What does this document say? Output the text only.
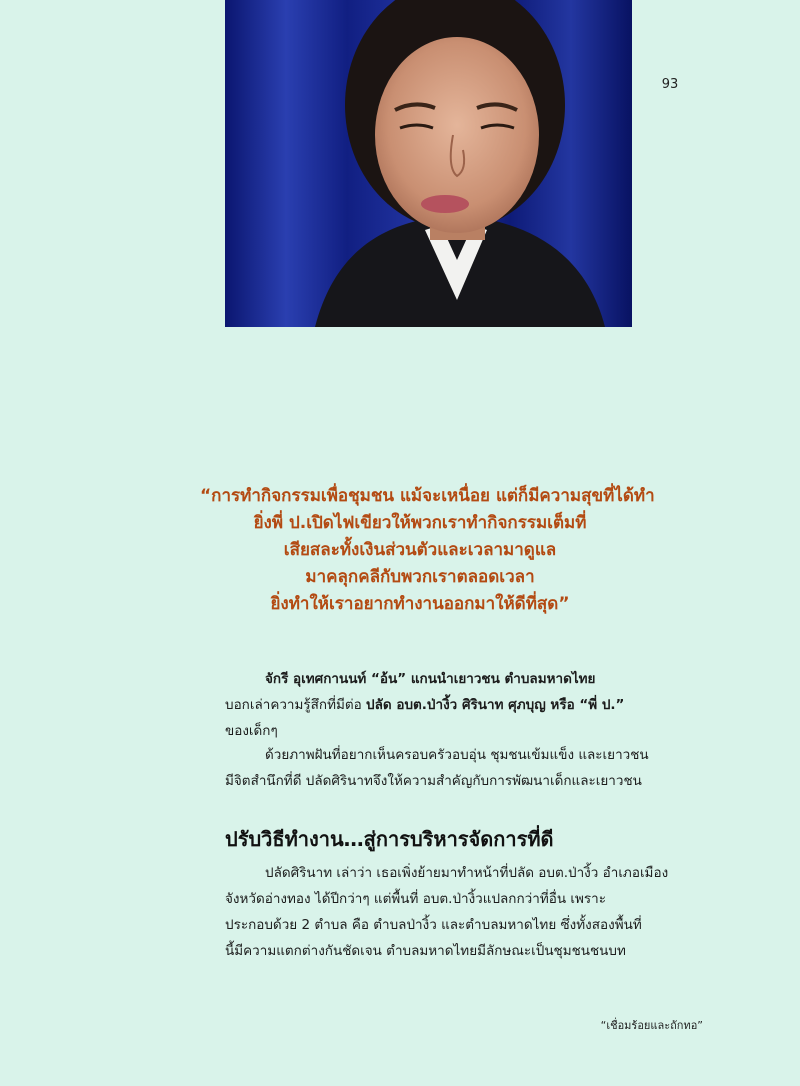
93
“การทำกิจกรรมเพื่อชุมชน แม้จะเหนื่อย แต่ก็มีความสุขที่ได้ทำ
ยิ่งพี่ ป.เปิดไฟเขียวให้พวกเราทำกิจกรรมเต็มที่
เสียสละทั้งเงินส่วนตัวและเวลามาดูแล
มาคลุกคลีกับพวกเราตลอดเวลา
ยิ่งทำให้เราอยากทำงานออกมาให้ดีที่สุด”
จักรี อุเทศกานนท์ “อ้น” แกนนำเยาวชน ตำบลมหาดไทย
บอกเล่าความรู้สึกที่มีต่อ ปลัด อบต.ป่างิ้ว ศิรินาท ศุภบุญ หรือ “พี่ ป.”
ของเด็กๆ
ด้วยภาพฝันที่อยากเห็นครอบครัวอบอุ่น ชุมชนเข้มแข็ง และเยาวชน
มีจิตสำนึกที่ดี ปลัดศิรินาทจึงให้ความสำคัญกับการพัฒนาเด็กและเยาวชน
ปรับวิธีทำงาน…สู่การบริหารจัดการที่ดี
ปลัดศิรินาท เล่าว่า เธอเพิ่งย้ายมาทำหน้าที่ปลัด อบต.ป่างิ้ว อำเภอเมือง
จังหวัดอ่างทอง ได้ปีกว่าๆ แต่พื้นที่ อบต.ป่างิ้วแปลกกว่าที่อื่น เพราะ
ประกอบด้วย 2 ตำบล คือ ตำบลป่างิ้ว และตำบลมหาดไทย ซึ่งทั้งสองพื้นที่
นี้มีความแตกต่างกันชัดเจน ตำบลมหาดไทยมีลักษณะเป็นชุมชนชนบท
“เชื่อมร้อยและถักทอ”
